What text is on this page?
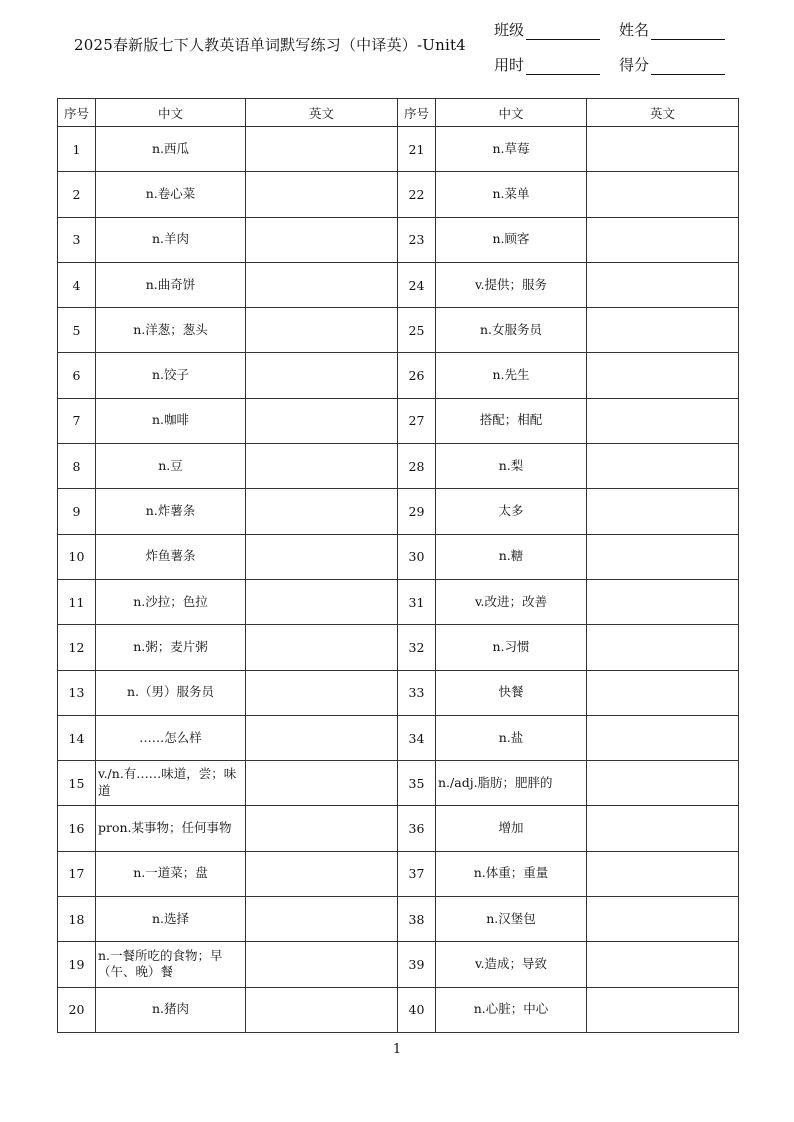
2025春新版七下人教英语单词默写练习（中译英）-Unit4
班级	姓名
用时	得分
序号	中文	英文	序号	中文	英文
1	n.西瓜		21	n.草莓	
2	n.卷心菜		22	n.菜单	
3	n.羊肉		23	n.顾客	
4	n.曲奇饼		24	v.提供；服务	
5	n.洋葱；葱头		25	n.女服务员	
6	n.饺子		26	n.先生	
7	n.咖啡		27	搭配；相配	
8	n.豆		28	n.梨	
9	n.炸薯条		29	太多	
10	炸鱼薯条		30	n.糖	
11	n.沙拉；色拉		31	v.改进；改善	
12	n.粥；麦片粥		32	n.习惯	
13	n.（男）服务员		33	快餐	
14	……怎么样		34	n.盐	
15	v./n.有……味道，尝；味道		35	n./adj.脂肪；肥胖的	
16	pron.某事物；任何事物		36	增加	
17	n.一道菜；盘		37	n.体重；重量	
18	n.选择		38	n.汉堡包	
19	n.一餐所吃的食物；早（午、晚）餐		39	v.造成；导致	
20	n.猪肉		40	n.心脏；中心	
1
